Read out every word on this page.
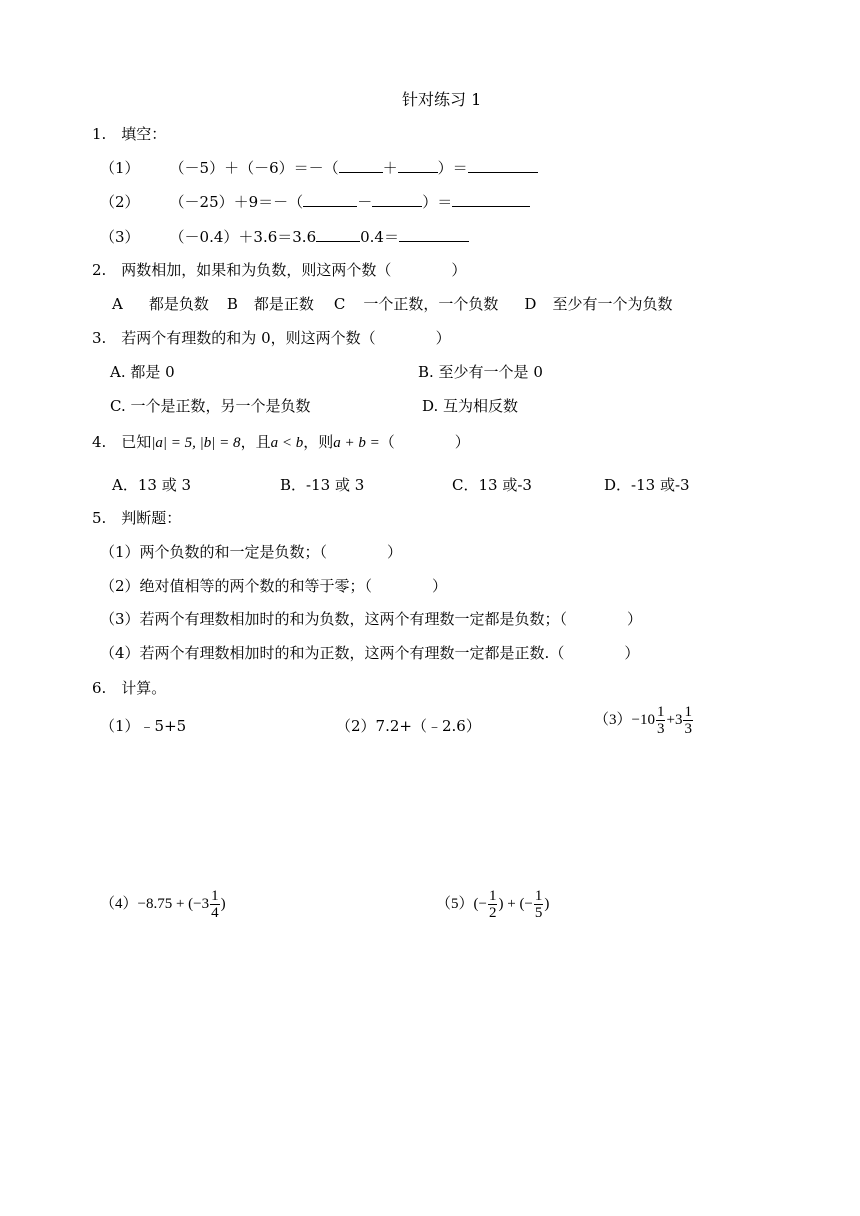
针对练习 1
1. 填空：
（1） （－5）＋（－6）＝－（	＋	）＝
（2） （－25）＋9＝－（	－	）＝
（3） （－0.4）＋3.6＝3.6	0.4＝
2. 两数相加，如果和为负数，则这两个数（    ）
A 都是负数 B 都是正数 C 一个正数，一个负数 D 至少有一个为负数
3. 若两个有理数的和为 0，则这两个数（    ）
A. 都是 0	B. 至少有一个是 0
C. 一个是正数，另一个是负数	D. 互为相反数
4. 已知|a| = 5, |b| = 8，且a < b，则a + b =（    ）
A．13 或 3	B．-13 或 3	C．13 或-3	D．-13 或-3
5. 判断题：
（1）两个负数的和一定是负数；（    ）
（2）绝对值相等的两个数的和等于零；（    ）
（3）若两个有理数相加时的和为负数，这两个有理数一定都是负数；（    ）
（4）若两个有理数相加时的和为正数，这两个有理数一定都是正数.（    ）
6. 计算。
（1）﹣5+5	（2）7.2+（﹣2.6）	$(3)-10 \frac{1}{3} +3 \frac{1}{3}$
$(4)-8.75 + (-3 \frac{1}{4}$ )	$(5)(- \frac{1}{2}$ ) + (− $\frac{1}{5}$ )
